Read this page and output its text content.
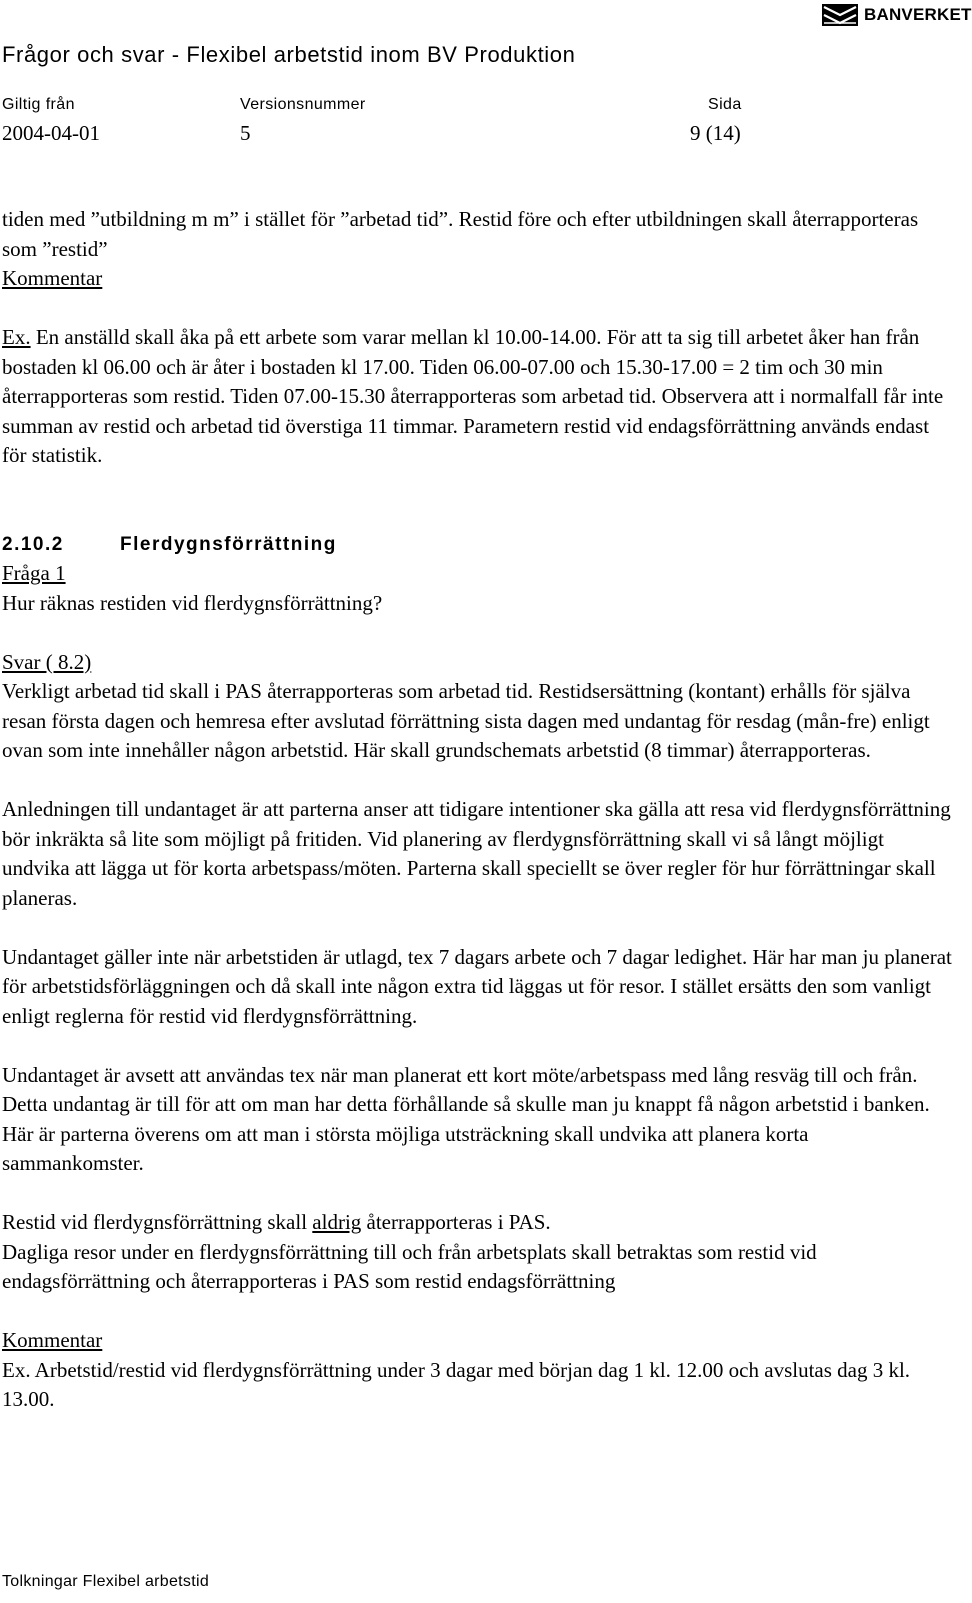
BANVERKET
Frågor och svar - Flexibel arbetstid inom BV Produktion
Giltig från	Versionsnummer	Sida
2004-04-01	5	9 (14)

tiden med ”utbildning m m” i stället för ”arbetad tid”. Restid före och efter utbildningen skall återrapporteras som ”restid”

Kommentar

Ex. En anställd skall åka på ett arbete som varar mellan kl 10.00-14.00. För att ta sig till arbetet åker han från bostaden kl 06.00 och är åter i bostaden kl 17.00. Tiden 06.00-07.00 och 15.30-17.00 = 2 tim och 30 min återrapporteras som restid. Tiden 07.00-15.30 återrapporteras som arbetad tid. Observera att i normalfall får inte summan av restid och arbetad tid överstiga 11 timmar. Parametern restid vid endagsförrättning används endast för statistik.

2.10.2	Flerdygnsförrättning

Fråga 1

Hur räknas restiden vid flerdygnsförrättning?

Svar ( 8.2)

Verkligt arbetad tid skall i PAS återrapporteras som arbetad tid. Restidsersättning (kontant) erhålls för själva resan första dagen och hemresa efter avslutad förrättning sista dagen med undantag för resdag (mån-fre) enligt ovan som inte innehåller någon arbetstid. Här skall grundschemats arbetstid (8 timmar) återrapporteras.

Anledningen till undantaget är att parterna anser att tidigare intentioner ska gälla att resa vid flerdygnsförrättning bör inkräkta så lite som möjligt på fritiden. Vid planering av flerdygnsförrättning skall vi så långt möjligt undvika att lägga ut för korta arbetspass/möten. Parterna skall speciellt se över regler för hur förrättningar skall planeras.

Undantaget gäller inte när arbetstiden är utlagd, tex 7 dagars arbete och 7 dagar ledighet. Här har man ju planerat för arbetstidsförläggningen och då skall inte någon extra tid läggas ut för resor. I stället ersätts den som vanligt enligt reglerna för restid vid flerdygnsförrättning.

Undantaget är avsett att användas tex när man planerat ett kort möte/arbetspass med lång resväg till och från. Detta undantag är till för att om man har detta förhållande så skulle man ju knappt få någon arbetstid i banken. Här är parterna överens om att man i största möjliga utsträckning skall undvika att planera korta sammankomster.

Restid vid flerdygnsförrättning skall aldrig återrapporteras i PAS.

Dagliga resor under en flerdygnsförrättning till och från arbetsplats skall betraktas som restid vid endagsförrättning och återrapporteras i PAS som restid endagsförrättning

Kommentar

Ex. Arbetstid/restid vid flerdygnsförrättning under 3 dagar med början dag 1 kl. 12.00 och avslutas dag 3 kl. 13.00.

Tolkningar Flexibel arbetstid
